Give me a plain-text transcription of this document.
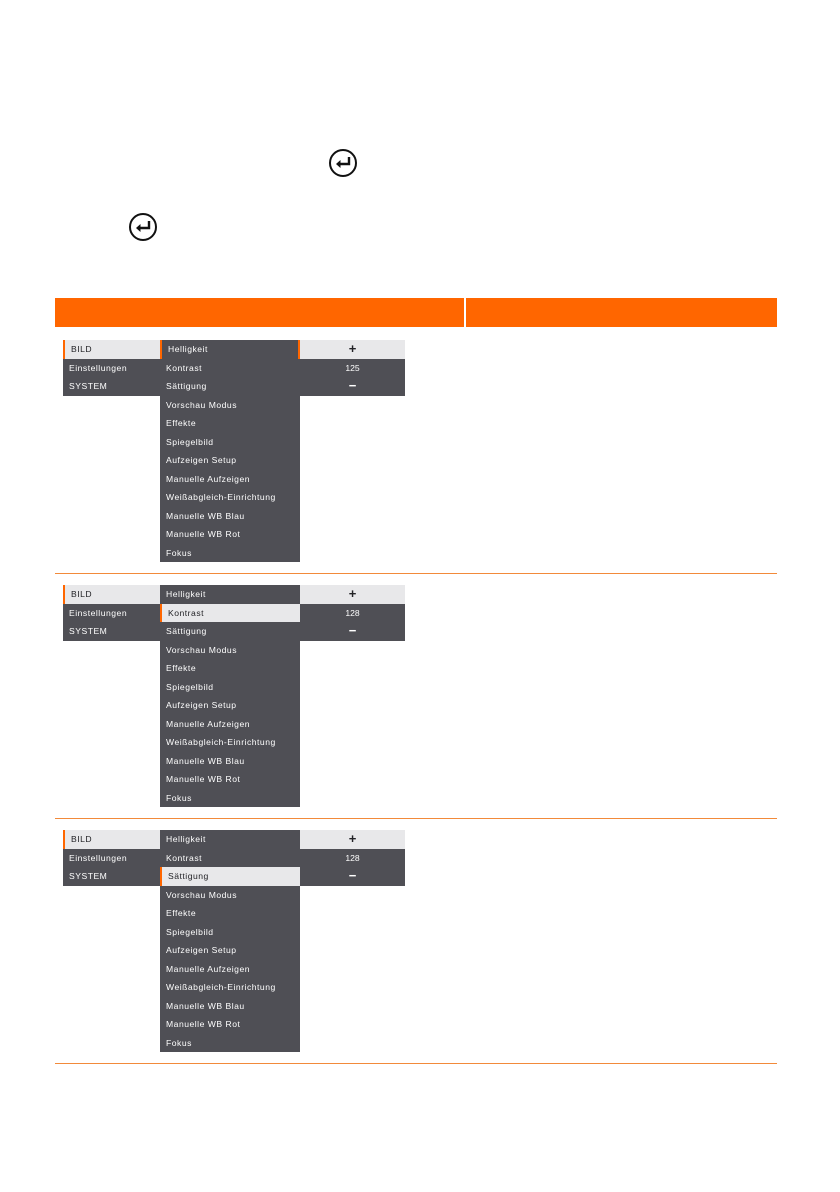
BILD
Einstellungen
SYSTEM
Helligkeit
Kontrast
Sättigung
Vorschau Modus
Effekte
Spiegelbild
Aufzeigen Setup
Manuelle Aufzeigen
Weißabgleich-Einrichtung
Manuelle WB Blau
Manuelle WB Rot
Fokus
+
125
−
BILD
Einstellungen
SYSTEM
Helligkeit
Kontrast
Sättigung
Vorschau Modus
Effekte
Spiegelbild
Aufzeigen Setup
Manuelle Aufzeigen
Weißabgleich-Einrichtung
Manuelle WB Blau
Manuelle WB Rot
Fokus
+
128
−
BILD
Einstellungen
SYSTEM
Helligkeit
Kontrast
Sättigung
Vorschau Modus
Effekte
Spiegelbild
Aufzeigen Setup
Manuelle Aufzeigen
Weißabgleich-Einrichtung
Manuelle WB Blau
Manuelle WB Rot
Fokus
+
128
−
